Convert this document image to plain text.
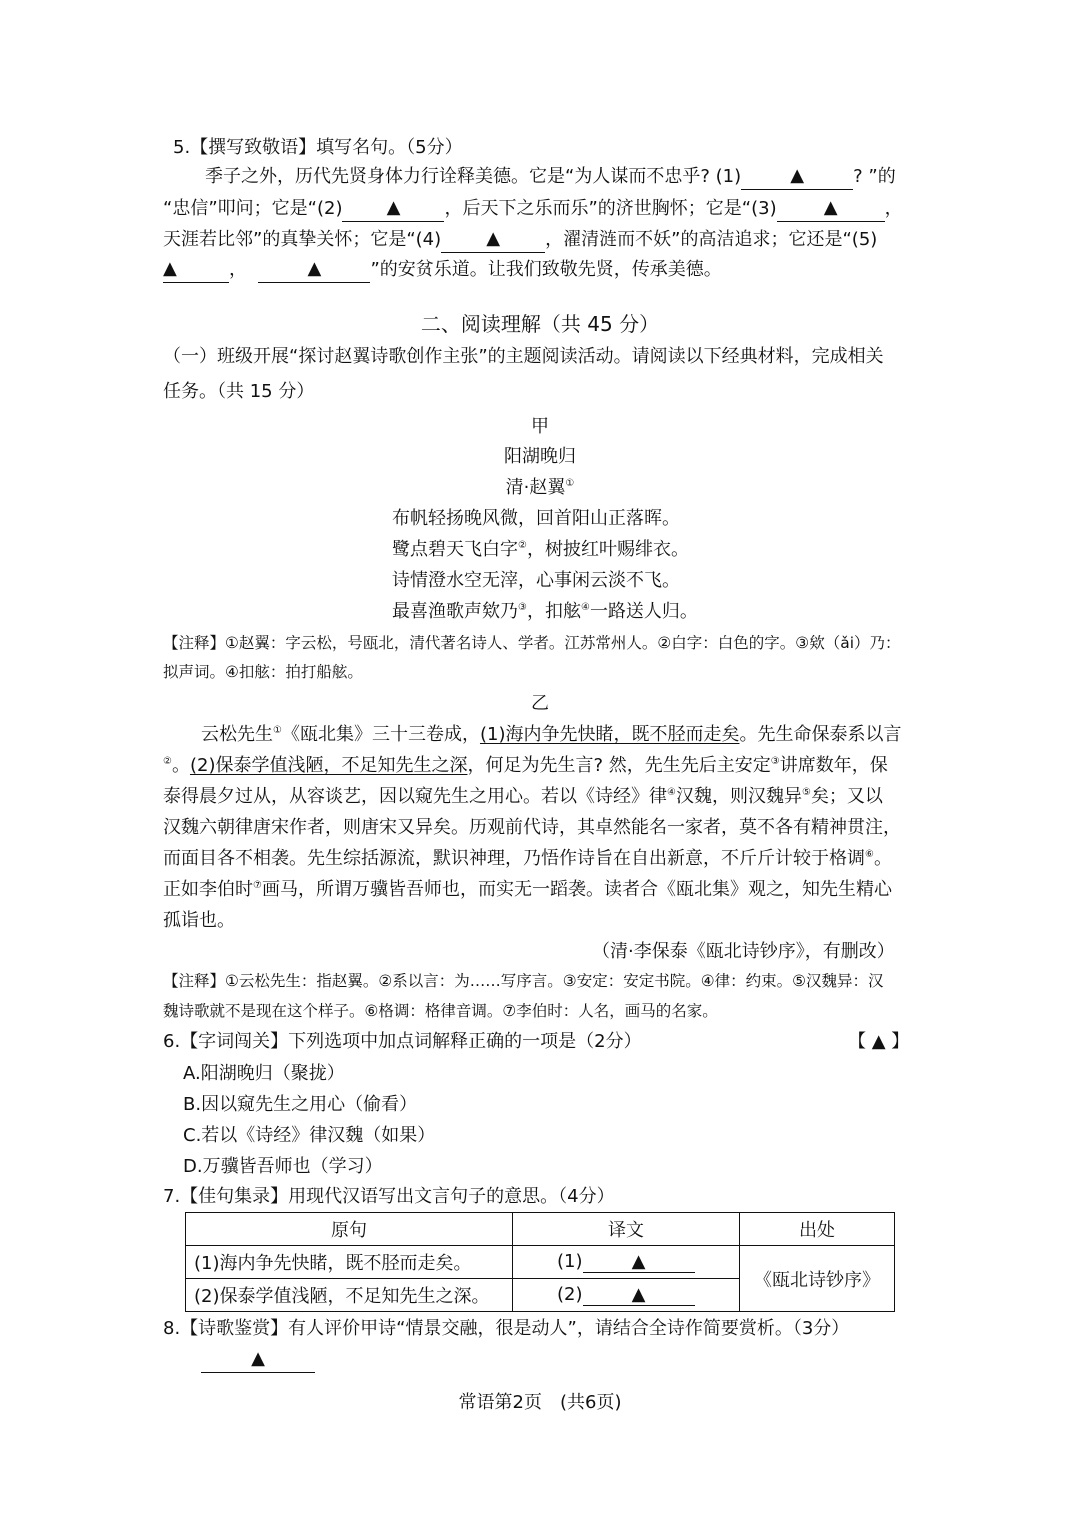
5.【撰写致敬语】填写名句。（5分）
季子之外，历代先贤身体力行诠释美德。它是“为人谋而不忠乎? (1)	▲	? ”的
“忠信”叩问；它是“(2) ▲ ，后天下之乐而乐”的济世胸怀；它是“(3)	▲	，
天涯若比邻”的真挚关怀；它是“(4)	▲	，濯清涟而不妖”的高洁追求；它还是“(5)
▲	，	▲	”的安贫乐道。让我们致敬先贤，传承美德。
二、阅读理解（共 45 分）
（一）班级开展“探讨赵翼诗歌创作主张”的主题阅读活动。请阅读以下经典材料，完成相关
任务。（共 15 分）
甲
阳湖晚归
清·赵翼①
布帆轻扬晚风微，回首阳山正落晖。
鹭点碧天飞白字②，树披红叶赐绯衣。
诗情澄水空无滓，心事闲云淡不飞。
最喜渔歌声欸乃③，扣舷④一路送人归。
【注释】①赵翼：字云松，号瓯北，清代著名诗人、学者。江苏常州人。②白字：白色的字。③欸（ǎi）乃：
拟声词。④扣舷：拍打船舷。
乙
云松先生①《瓯北集》三十三卷成，(1)海内争先快睹，既不胫而走矣。先生命保泰系以言
②。(2)保泰学值浅陋，不足知先生之深，何足为先生言? 然，先生先后主安定③讲席数年，保
泰得晨夕过从，从容谈艺，因以窥先生之用心。若以《诗经》律④汉魏，则汉魏异⑤矣；又以
汉魏六朝律唐宋作者，则唐宋又异矣。历观前代诗，其卓然能名一家者，莫不各有精神贯注，
而面目各不相袭。先生综括源流，默识神理，乃悟作诗旨在自出新意，不斤斤计较于格调⑥。
正如李伯时⑦画马，所谓万骥皆吾师也，而实无一蹈袭。读者合《瓯北集》观之，知先生精心
孤诣也。
（清·李保泰《瓯北诗钞序》，有删改）
【注释】①云松先生：指赵翼。②系以言：为……写序言。③安定：安定书院。④律：约束。⑤汉魏异：汉
魏诗歌就不是现在这个样子。⑥格调：格律音调。⑦李伯时：人名，画马的名家。
6.【字词闯关】下列选项中加点词解释正确的一项是（2分）	【 ▲ 】
A.阳湖晚归（聚拢）
B.因以窥先生之用心（偷看）
C.若以《诗经》律汉魏（如果）
D.万骥皆吾师也（学习）
7.【佳句集录】用现代汉语写出文言句子的意思。（4分）
原句	译文	出处
(1)海内争先快睹，既不胫而走矣。	(1) ▲	《瓯北诗钞序》
(2)保泰学值浅陋，不足知先生之深。	(2) ▲	
8.【诗歌鉴赏】有人评价甲诗“情景交融，很是动人”，请结合全诗作简要赏析。（3分）
▲
常语第2页　(共6页)
